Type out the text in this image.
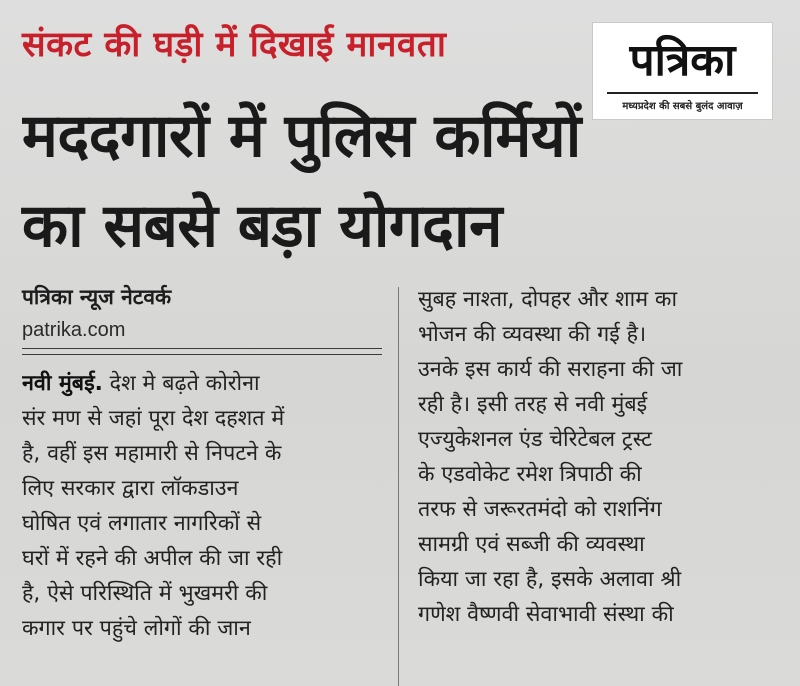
संकट की घड़ी में दिखाई मानवता
मददगारों में पुलिस कर्मियों
का सबसे बड़ा योगदान
पत्रिका
मध्यप्रदेश की सबसे बुलंद आवाज़
पत्रिका न्यूज नेटवर्क
patrika.com
नवी मुंबई. देश मे बढ़ते कोरोना
संर मण से जहां पूरा देश दहशत में
है, वहीं इस महामारी से निपटने के
लिए सरकार द्वारा लॉकडाउन
घोषित एवं लगातार नागरिकों से
घरों में रहने की अपील की जा रही
है, ऐसे परिस्थिति में भुखमरी की
कगार पर पहुंचे लोगों की जान
सुबह नाश्ता, दोपहर और शाम का
भोजन की व्यवस्था की गई है।
उनके इस कार्य की सराहना की जा
रही है। इसी तरह से नवी मुंबई
एज्युकेशनल एंड चेरिटेबल ट्रस्ट
के एडवोकेट रमेश त्रिपाठी की
तरफ से जरूरतमंदो को राशनिंग
सामग्री एवं सब्जी की व्यवस्था
किया जा रहा है, इसके अलावा श्री
गणेश वैष्णवी सेवाभावी संस्था की
